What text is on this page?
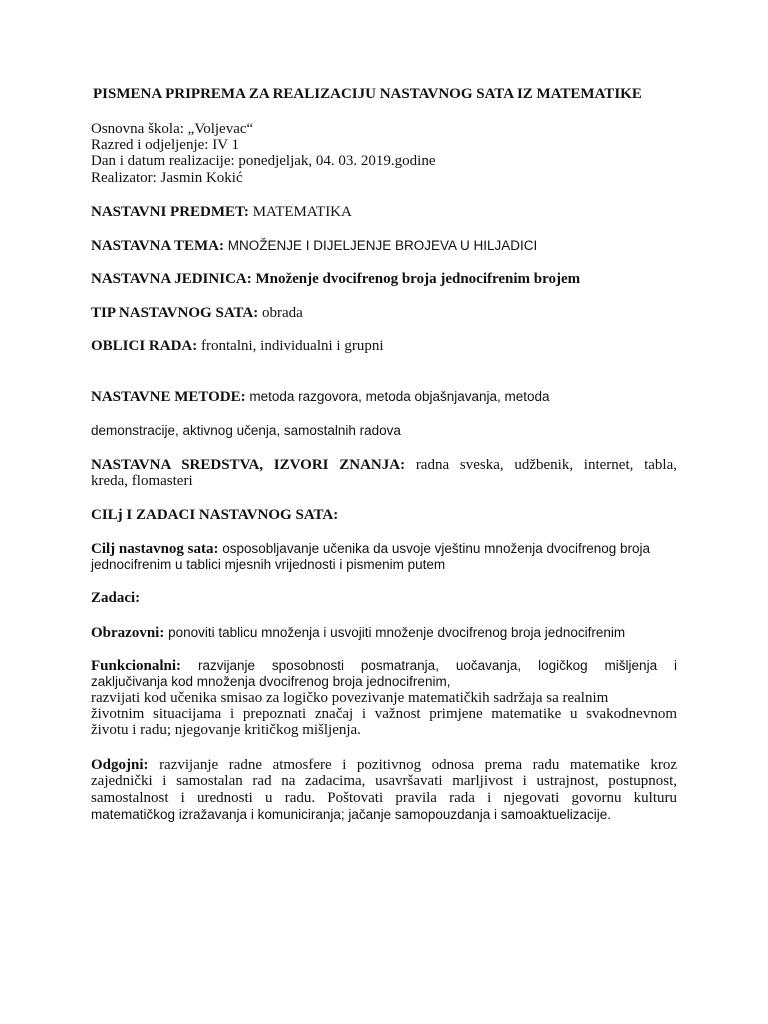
PISMENA PRIPREMA ZA REALIZACIJU NASTAVNOG SATA IZ MATEMATIKE
Osnovna škola: „Voljevac“
Razred i odjeljenje: IV 1
Dan i datum realizacije: ponedjeljak, 04. 03. 2019.godine
Realizator: Jasmin Kokić
NASTAVNI PREDMET: MATEMATIKA
NASTAVNA TEMA: MNOŽENJE I DIJELJENJE BROJEVA U HILJADICI
NASTAVNA JEDINICA: Množenje dvocifrenog broja jednocifrenim brojem
TIP NASTAVNOG SATA: obrada
OBLICI RADA: frontalni, individualni i grupni
NASTAVNE METODE: metoda razgovora, metoda objašnjavanja, metoda
demonstracije, aktivnog učenja, samostalnih radova
NASTAVNA SREDSTVA, IZVORI ZNANJA: radna sveska, udžbenik, internet, tabla,
kreda, flomasteri
CILj I ZADACI NASTAVNOG SATA:
Cilj nastavnog sata: osposobljavanje učenika da usvoje vještinu množenja dvocifrenog broja
jednocifrenim u tablici mjesnih vrijednosti i pismenim putem
Zadaci:
Obrazovni: ponoviti tablicu množenja i usvojiti množenje dvocifrenog broja jednocifrenim
Funkcionalni: razvijanje sposobnosti posmatranja, uočavanja, logičkog mišljenja i
zaključivanja kod množenja dvocifrenog broja jednocifrenim,
razvijati kod učenika smisao za logičko povezivanje matematičkih sadržaja sa realnim
životnim situacijama i prepoznati značaj i važnost primjene matematike u svakodnevnom
životu i radu; njegovanje kritičkog mišljenja.
Odgojni: razvijanje radne atmosfere i pozitivnog odnosa prema radu matematike kroz
zajednički i samostalan rad na zadacima, usavršavati marljivost i ustrajnost, postupnost,
samostalnost i urednosti u radu. Poštovati pravila rada i njegovati govornu kulturu
matematičkog izražavanja i komuniciranja; jačanje samopouzdanja i samoaktuelizacije.
